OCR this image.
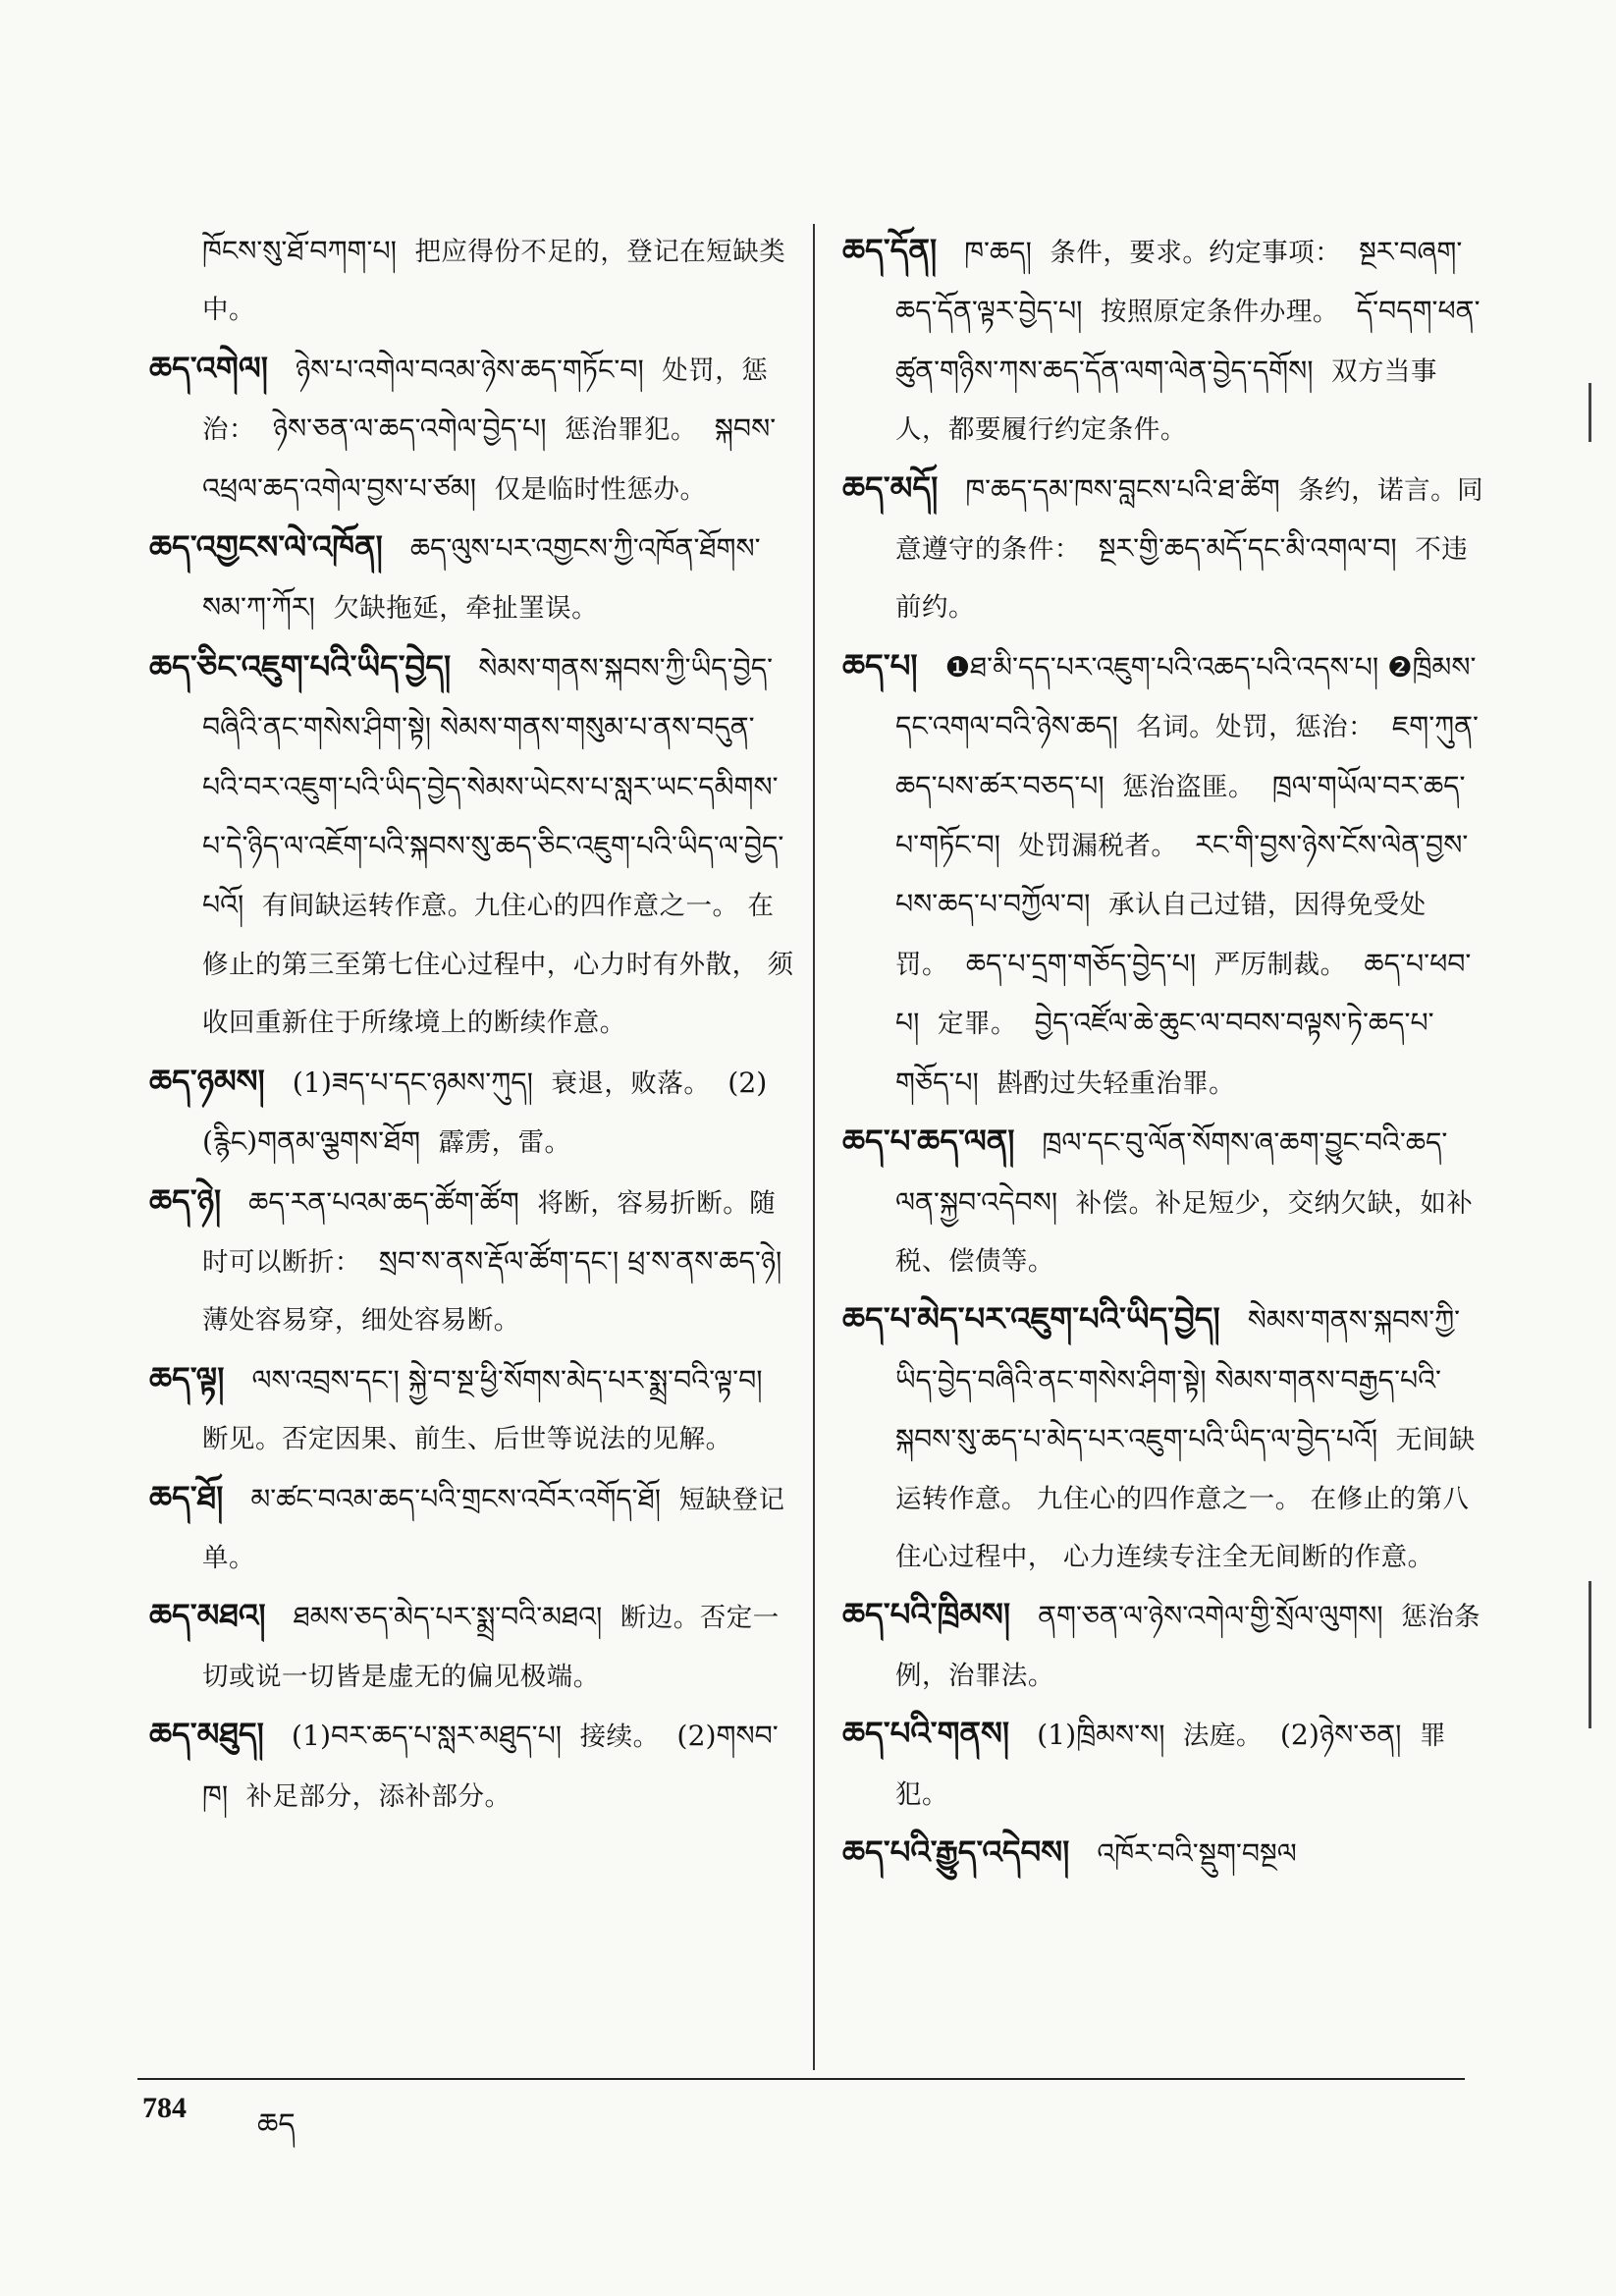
ཁོངས་སུ་ཐོ་བཀག་པ། 把应得份不足的，登记在短缺类中。

ཆད་འགེལ། ཉེས་པ་འགེལ་བའམ་ཉེས་ཆད་གཏོང་བ། 处罚，惩治： ཉེས་ཅན་ལ་ཆད་འགེལ་བྱེད་པ། 惩治罪犯。 སྐབས་འཕྲལ་ཆད་འགེལ་བྱས་པ་ཙམ། 仅是临时性惩办。

ཆད་འགྱངས་ལེ་འཁོན། ཆད་ལུས་པར་འགྱངས་ཀྱི་འཁོན་ཐོགས་སམ་ཀ་ཀོར། 欠缺拖延，牵扯罣误。

ཆད་ཅིང་འཇུག་པའི་ཡིད་བྱེད། སེམས་གནས་སྐབས་ཀྱི་ཡིད་བྱེད་བཞིའི་ནང་གསེས་ཤིག་སྟེ། སེམས་གནས་གསུམ་པ་ནས་བདུན་པའི་བར་འཇུག་པའི་ཡིད་བྱེད་སེམས་ཡེངས་པ་སླར་ཡང་དམིགས་པ་དེ་ཉིད་ལ་འཇོག་པའི་སྐབས་སུ་ཆད་ཅིང་འཇུག་པའི་ཡིད་ལ་བྱེད་པའོ། 有间缺运转作意。九住心的四作意之一。 在修止的第三至第七住心过程中，心力时有外散， 须收回重新住于所缘境上的断续作意。

ཆད་ཉམས། (1)ཟད་པ་དང་ཉམས་ཀུད། 衰退，败落。 (2)(རྙིང)གནམ་ལྕགས་ཐོག 霹雳，雷。

ཆད་ཉེ། ཆད་རན་པའམ་ཆད་ཚོག་ཚོག 将断，容易折断。随时可以断折： སྲབ་ས་ནས་རྡོལ་ཚོག་དང་། ཕྲ་ས་ནས་ཆད་ཉེ། 薄处容易穿，细处容易断。

ཆད་ལྟ། ལས་འབྲས་དང་། སྐྱེ་བ་སྔ་ཕྱི་སོགས་མེད་པར་སྨྲ་བའི་ལྟ་བ། 断见。否定因果、前生、后世等说法的见解。

ཆད་ཐོ། མ་ཚང་བའམ་ཆད་པའི་གྲངས་འབོར་འགོད་ཐོ། 短缺登记单。

ཆད་མཐའ། ཐམས་ཅད་མེད་པར་སྨྲ་བའི་མཐའ། 断边。否定一切或说一切皆是虚无的偏见极端。

ཆད་མཐུད། (1)བར་ཆད་པ་སླར་མཐུད་པ། 接续。 (2)གསབ་ཁ། 补足部分，添补部分。

ཆད་དོན། ཁ་ཆད། 条件，要求。约定事项： སྔར་བཞག་ཆད་དོན་ལྟར་བྱེད་པ། 按照原定条件办理。 དོ་བདག་ཕན་ཚུན་གཉིས་ཀས་ཆད་དོན་ལག་ལེན་བྱེད་དགོས། 双方当事人，都要履行约定条件。

ཆད་མདོ། ཁ་ཆད་དམ་ཁས་བླངས་པའི་ཐ་ཚིག 条约，诺言。同意遵守的条件： སྔར་གྱི་ཆད་མདོ་དང་མི་འགལ་བ། 不违前约。

ཆད་པ། ❶ཐ་མི་དད་པར་འཇུག་པའི་འཆད་པའི་འདས་པ། ❷ཁྲིམས་དང་འགལ་བའི་ཉེས་ཆད། 名词。处罚，惩治： ཇག་ཀུན་ཆད་པས་ཚར་བཅད་པ། 惩治盗匪。 ཁྲལ་གཡོལ་བར་ཆད་པ་གཏོང་བ། 处罚漏税者。 རང་གི་བྱས་ཉེས་ངོས་ལེན་བྱས་པས་ཆད་པ་བཀྱོལ་བ། 承认自己过错，因得免受处罚。 ཆད་པ་དྲག་གཅོད་བྱེད་པ། 严厉制裁。 ཆད་པ་ཕབ་པ། 定罪。 བྱེད་འཛོལ་ཆེ་ཆུང་ལ་བབས་བལྟས་ཏེ་ཆད་པ་གཅོད་པ། 斟酌过失轻重治罪。

ཆད་པ་ཆད་ལན། ཁྲལ་དང་བུ་ལོན་སོགས་ཞ་ཆག་བྱུང་བའི་ཆད་ལན་སྐྱབ་འདེབས། 补偿。补足短少，交纳欠缺，如补税、偿债等。

ཆད་པ་མེད་པར་འཇུག་པའི་ཡིད་བྱེད། སེམས་གནས་སྐབས་ཀྱི་ཡིད་བྱེད་བཞིའི་ནང་གསེས་ཤིག་སྟེ། སེམས་གནས་བརྒྱད་པའི་སྐབས་སུ་ཆད་པ་མེད་པར་འཇུག་པའི་ཡིད་ལ་བྱེད་པའོ། 无间缺运转作意。 九住心的四作意之一。 在修止的第八住心过程中， 心力连续专注全无间断的作意。

ཆད་པའི་ཁྲིམས། ནག་ཅན་ལ་ཉེས་འགེལ་གྱི་སྲོལ་ལུགས། 惩治条例，治罪法。

ཆད་པའི་གནས། (1)ཁྲིམས་ས། 法庭。 (2)ཉེས་ཅན། 罪犯。

ཆད་པའི་རྒྱུད་འདེབས། འཁོར་བའི་སྡུག་བསྔལ

784 ཆད
